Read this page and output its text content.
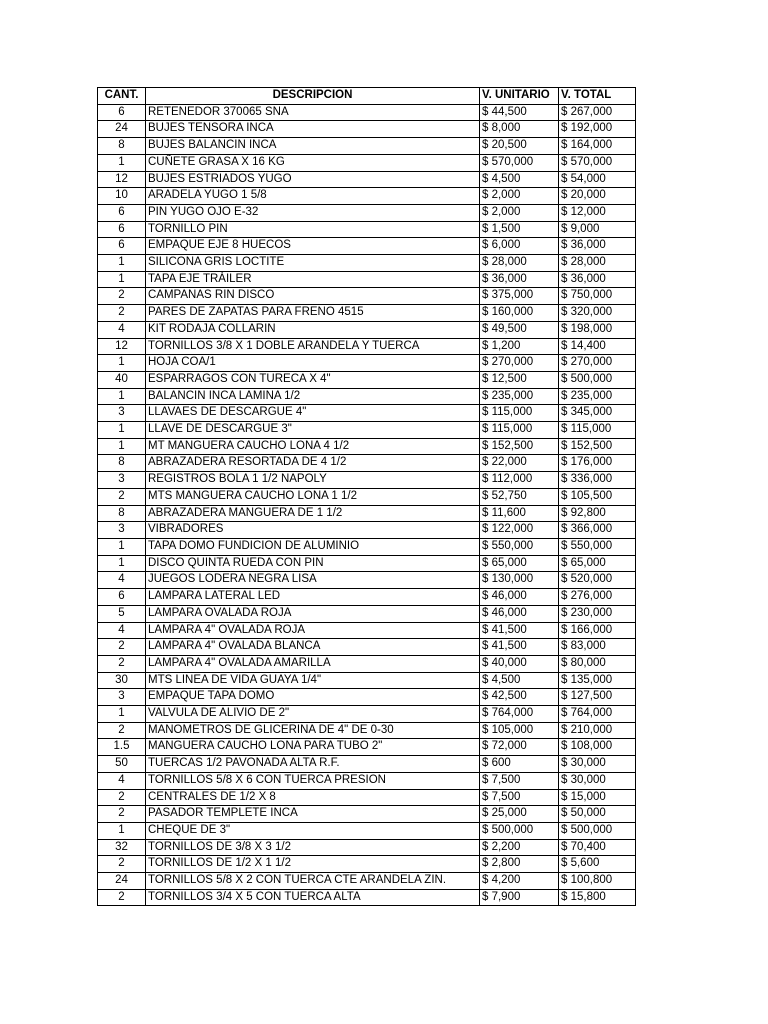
CANT.	DESCRIPCION	V. UNITARIO	V. TOTAL
6	RETENEDOR 370065 SNA	$ 44,500	$ 267,000
24	BUJES TENSORA INCA	$ 8,000	$ 192,000
8	BUJES BALANCIN INCA	$ 20,500	$ 164,000
1	CUÑETE GRASA X 16 KG	$ 570,000	$ 570,000
12	BUJES ESTRIADOS YUGO	$ 4,500	$ 54,000
10	ARADELA YUGO 1 5/8	$ 2,000	$ 20,000
6	PIN YUGO OJO E-32	$ 2,000	$ 12,000
6	TORNILLO PIN	$ 1,500	$ 9,000
6	EMPAQUE EJE 8 HUECOS	$ 6,000	$ 36,000
1	SILICONA GRIS LOCTITE	$ 28,000	$ 28,000
1	TAPA EJE TRÁILER	$ 36,000	$ 36,000
2	CAMPANAS RIN DISCO	$ 375,000	$ 750,000
2	PARES DE ZAPATAS PARA FRENO 4515	$ 160,000	$ 320,000
4	KIT RODAJA COLLARIN	$ 49,500	$ 198,000
12	TORNILLOS 3/8 X 1 DOBLE ARANDELA Y TUERCA	$ 1,200	$ 14,400
1	HOJA COA/1	$ 270,000	$ 270,000
40	ESPARRAGOS CON TURECA X 4"	$ 12,500	$ 500,000
1	BALANCIN INCA LAMINA 1/2	$ 235,000	$ 235,000
3	LLAVAES DE DESCARGUE 4"	$ 115,000	$ 345,000
1	LLAVE DE DESCARGUE 3"	$ 115,000	$ 115,000
1	MT MANGUERA CAUCHO LONA 4 1/2	$ 152,500	$ 152,500
8	ABRAZADERA RESORTADA DE 4 1/2	$ 22,000	$ 176,000
3	REGISTROS BOLA 1 1/2 NAPOLY	$ 112,000	$ 336,000
2	MTS MANGUERA CAUCHO LONA 1 1/2	$ 52,750	$ 105,500
8	ABRAZADERA MANGUERA DE 1 1/2	$ 11,600	$ 92,800
3	VIBRADORES	$ 122,000	$ 366,000
1	TAPA DOMO FUNDICION DE ALUMINIO	$ 550,000	$ 550,000
1	DISCO QUINTA RUEDA CON PIN	$ 65,000	$ 65,000
4	JUEGOS LODERA NEGRA LISA	$ 130,000	$ 520,000
6	LAMPARA LATERAL LED	$ 46,000	$ 276,000
5	LAMPARA OVALADA ROJA	$ 46,000	$ 230,000
4	LAMPARA 4" OVALADA ROJA	$ 41,500	$ 166,000
2	LAMPARA 4" OVALADA BLANCA	$ 41,500	$ 83,000
2	LAMPARA 4" OVALADA AMARILLA	$ 40,000	$ 80,000
30	MTS LINEA DE VIDA GUAYA 1/4"	$ 4,500	$ 135,000
3	EMPAQUE TAPA DOMO	$ 42,500	$ 127,500
1	VALVULA DE ALIVIO DE 2"	$ 764,000	$ 764,000
2	MANOMETROS DE GLICERINA DE 4" DE 0-30	$ 105,000	$ 210,000
1.5	MANGUERA CAUCHO LONA PARA TUBO 2"	$ 72,000	$ 108,000
50	TUERCAS 1/2 PAVONADA ALTA R.F.	$ 600	$ 30,000
4	TORNILLOS 5/8 X 6 CON TUERCA PRESION	$ 7,500	$ 30,000
2	CENTRALES DE 1/2 X 8	$ 7,500	$ 15,000
2	PASADOR TEMPLETE INCA	$ 25,000	$ 50,000
1	CHEQUE DE 3"	$ 500,000	$ 500,000
32	TORNILLOS DE 3/8 X 3 1/2	$ 2,200	$ 70,400
2	TORNILLOS DE 1/2 X 1 1/2	$ 2,800	$ 5,600
24	TORNILLOS 5/8 X 2 CON TUERCA CTE ARANDELA ZIN.	$ 4,200	$ 100,800
2	TORNILLOS 3/4 X 5 CON TUERCA ALTA	$ 7,900	$ 15,800
